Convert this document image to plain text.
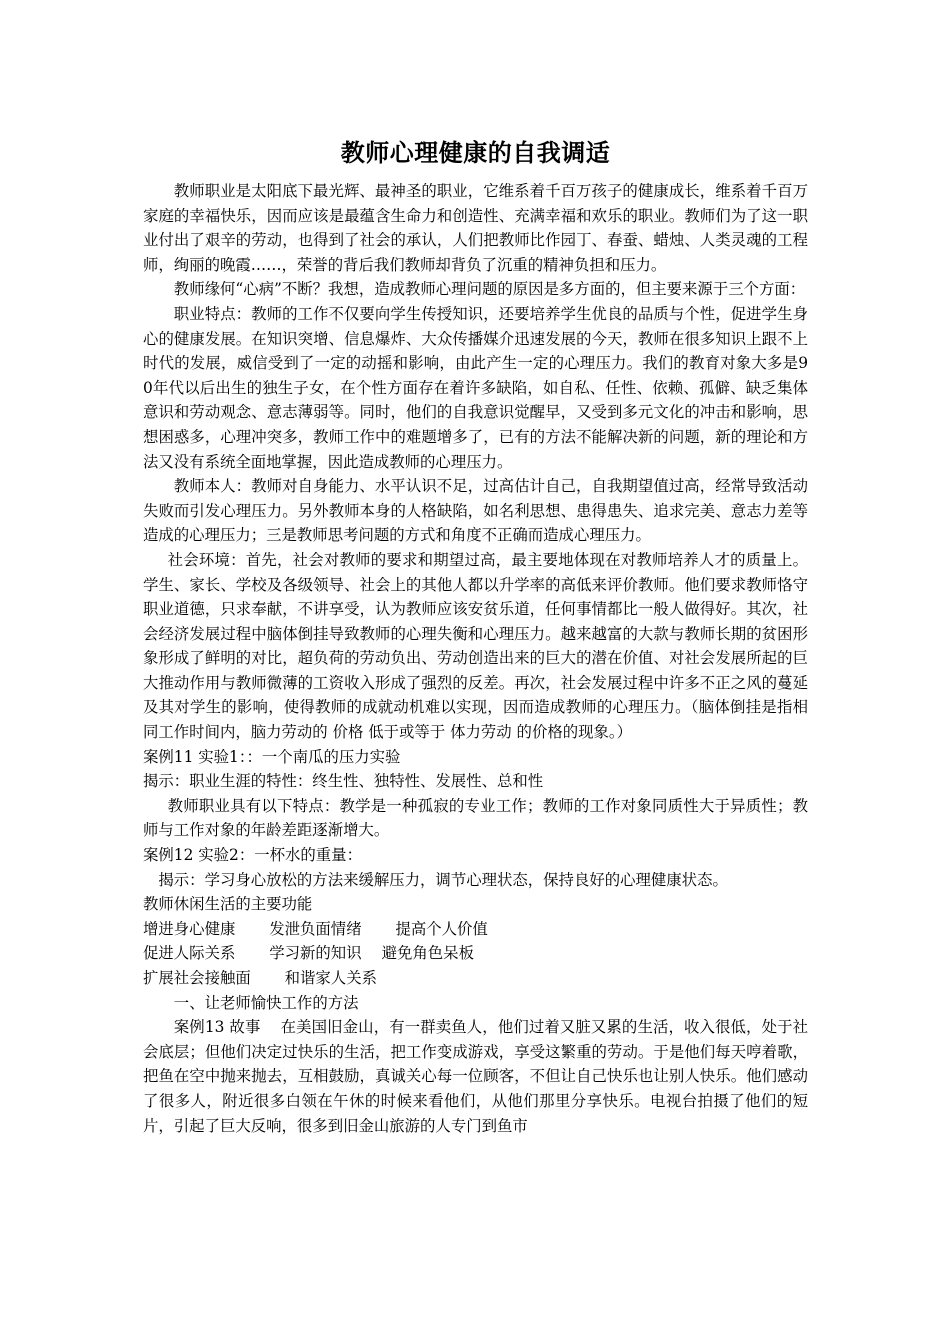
教师心理健康的自我调适

教师职业是太阳底下最光辉、最神圣的职业，它维系着千百万孩子的健康成长，维系着千百万家庭的幸福快乐，因而应该是最蕴含生命力和创造性、充满幸福和欢乐的职业。教师们为了这一职业付出了艰辛的劳动，也得到了社会的承认，人们把教师比作园丁、春蚕、蜡烛、人类灵魂的工程师，绚丽的晚霞……，荣誉的背后我们教师却背负了沉重的精神负担和压力。

教师缘何“心病”不断？我想，造成教师心理问题的原因是多方面的，但主要来源于三个方面：

职业特点：教师的工作不仅要向学生传授知识，还要培养学生优良的品质与个性，促进学生身心的健康发展。在知识突增、信息爆炸、大众传播媒介迅速发展的今天，教师在很多知识上跟不上时代的发展，威信受到了一定的动摇和影响，由此产生一定的心理压力。我们的教育对象大多是90年代以后出生的独生子女，在个性方面存在着许多缺陷，如自私、任性、依赖、孤僻、缺乏集体意识和劳动观念、意志薄弱等。同时，他们的自我意识觉醒早，又受到多元文化的冲击和影响，思想困惑多，心理冲突多，教师工作中的难题增多了，已有的方法不能解决新的问题，新的理论和方法又没有系统全面地掌握，因此造成教师的心理压力。

教师本人：教师对自身能力、水平认识不足，过高估计自己，自我期望值过高，经常导致活动失败而引发心理压力。另外教师本身的人格缺陷，如名利思想、患得患失、追求完美、意志力差等造成的心理压力；三是教师思考问题的方式和角度不正确而造成心理压力。

社会环境：首先，社会对教师的要求和期望过高，最主要地体现在对教师培养人才的质量上。学生、家长、学校及各级领导、社会上的其他人都以升学率的高低来评价教师。他们要求教师恪守职业道德，只求奉献，不讲享受，认为教师应该安贫乐道，任何事情都比一般人做得好。其次，社会经济发展过程中脑体倒挂导致教师的心理失衡和心理压力。越来越富的大款与教师长期的贫困形象形成了鲜明的对比，超负荷的劳动负出、劳动创造出来的巨大的潜在价值、对社会发展所起的巨大推动作用与教师微薄的工资收入形成了强烈的反差。再次，社会发展过程中许多不正之风的蔓延及其对学生的影响，使得教师的成就动机难以实现，因而造成教师的心理压力。（脑体倒挂是指相同工作时间内，脑力劳动的 价格 低于或等于 体力劳动 的价格的现象。）

案例11 实验1：：一个南瓜的压力实验

揭示：职业生涯的特性：终生性、独特性、发展性、总和性

教师职业具有以下特点：教学是一种孤寂的专业工作；教师的工作对象同质性大于异质性；教师与工作对象的年龄差距逐渐增大。

案例12 实验2：一杯水的重量：

揭示：学习身心放松的方法来缓解压力，调节心理状态，保持良好的心理健康状态。

教师休闲生活的主要功能

增进身心健康 发泄负面情绪 提高个人价值

促进人际关系 学习新的知识 避免角色呆板

扩展社会接触面 和谐家人关系

一、让老师愉快工作的方法

案例13 故事 在美国旧金山，有一群卖鱼人，他们过着又脏又累的生活，收入很低，处于社会底层；但他们决定过快乐的生活，把工作变成游戏，享受这繁重的劳动。于是他们每天哼着歌，把鱼在空中抛来抛去，互相鼓励，真诚关心每一位顾客，不但让自己快乐也让别人快乐。他们感动了很多人，附近很多白领在午休的时候来看他们，从他们那里分享快乐。电视台拍摄了他们的短片，引起了巨大反响，很多到旧金山旅游的人专门到鱼市
